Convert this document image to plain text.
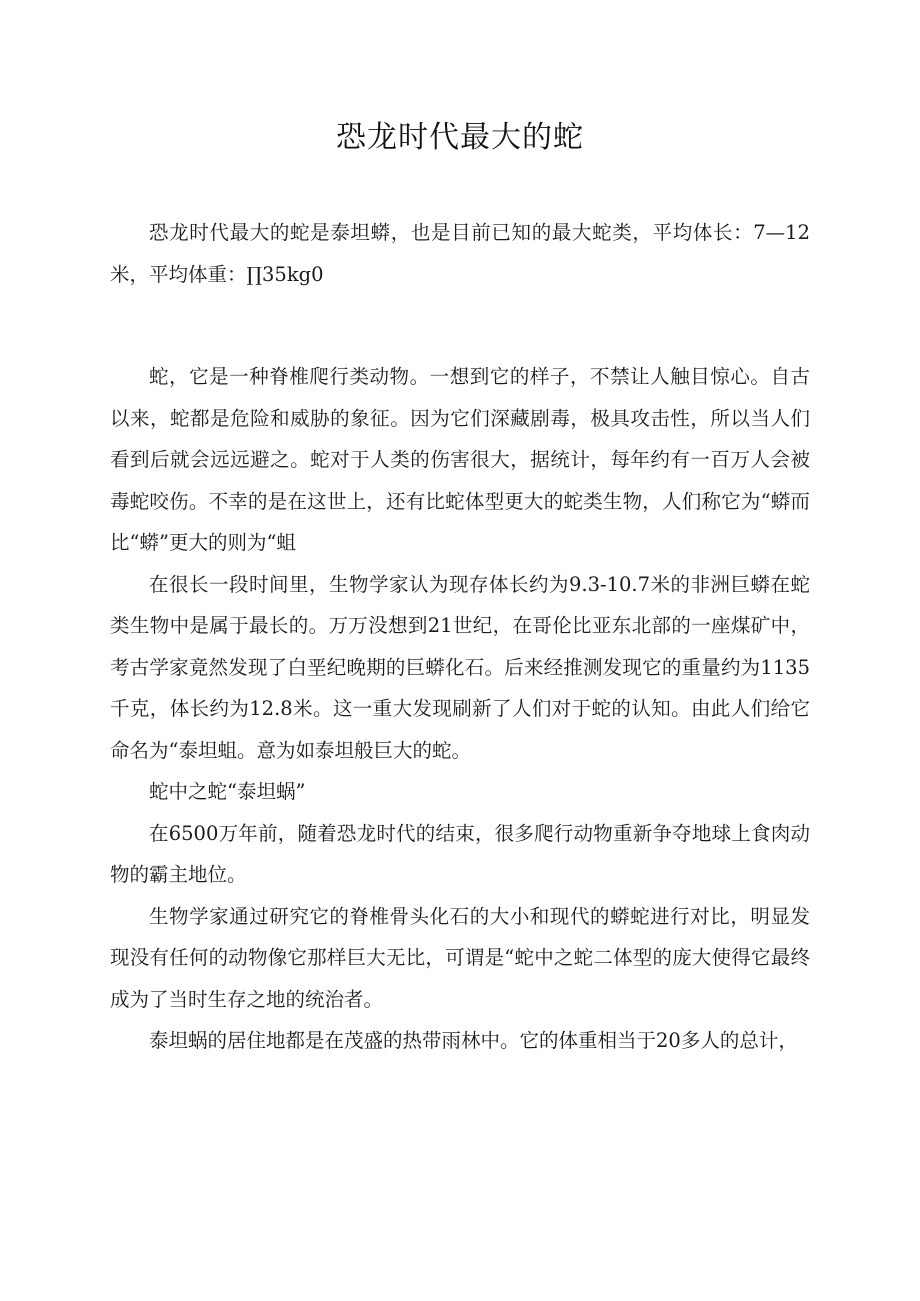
恐龙时代最大的蛇

恐龙时代最大的蛇是泰坦蟒，也是目前已知的最大蛇类，平均体长：7—12米，平均体重：∏35kg0

蛇，它是一种脊椎爬行类动物。一想到它的样子，不禁让人触目惊心。自古以来，蛇都是危险和威胁的象征。因为它们深藏剧毒，极具攻击性，所以当人们看到后就会远远避之。蛇对于人类的伤害很大，据统计，每年约有一百万人会被毒蛇咬伤。不幸的是在这世上，还有比蛇体型更大的蛇类生物，人们称它为“蟒而比“蟒”更大的则为“蛆

在很长一段时间里，生物学家认为现存体长约为9.3-10.7米的非洲巨蟒在蛇类生物中是属于最长的。万万没想到21世纪，在哥伦比亚东北部的一座煤矿中，考古学家竟然发现了白垩纪晚期的巨蟒化石。后来经推测发现它的重量约为1135千克，体长约为12.8米。这一重大发现刷新了人们对于蛇的认知。由此人们给它命名为“泰坦蛆。意为如泰坦般巨大的蛇。

蛇中之蛇“泰坦蜗”

在6500万年前，随着恐龙时代的结束，很多爬行动物重新争夺地球上食肉动物的霸主地位。

生物学家通过研究它的脊椎骨头化石的大小和现代的蟒蛇进行对比，明显发现没有任何的动物像它那样巨大无比，可谓是“蛇中之蛇二体型的庞大使得它最终成为了当时生存之地的统治者。

泰坦蜗的居住地都是在茂盛的热带雨林中。它的体重相当于20多人的总计，
